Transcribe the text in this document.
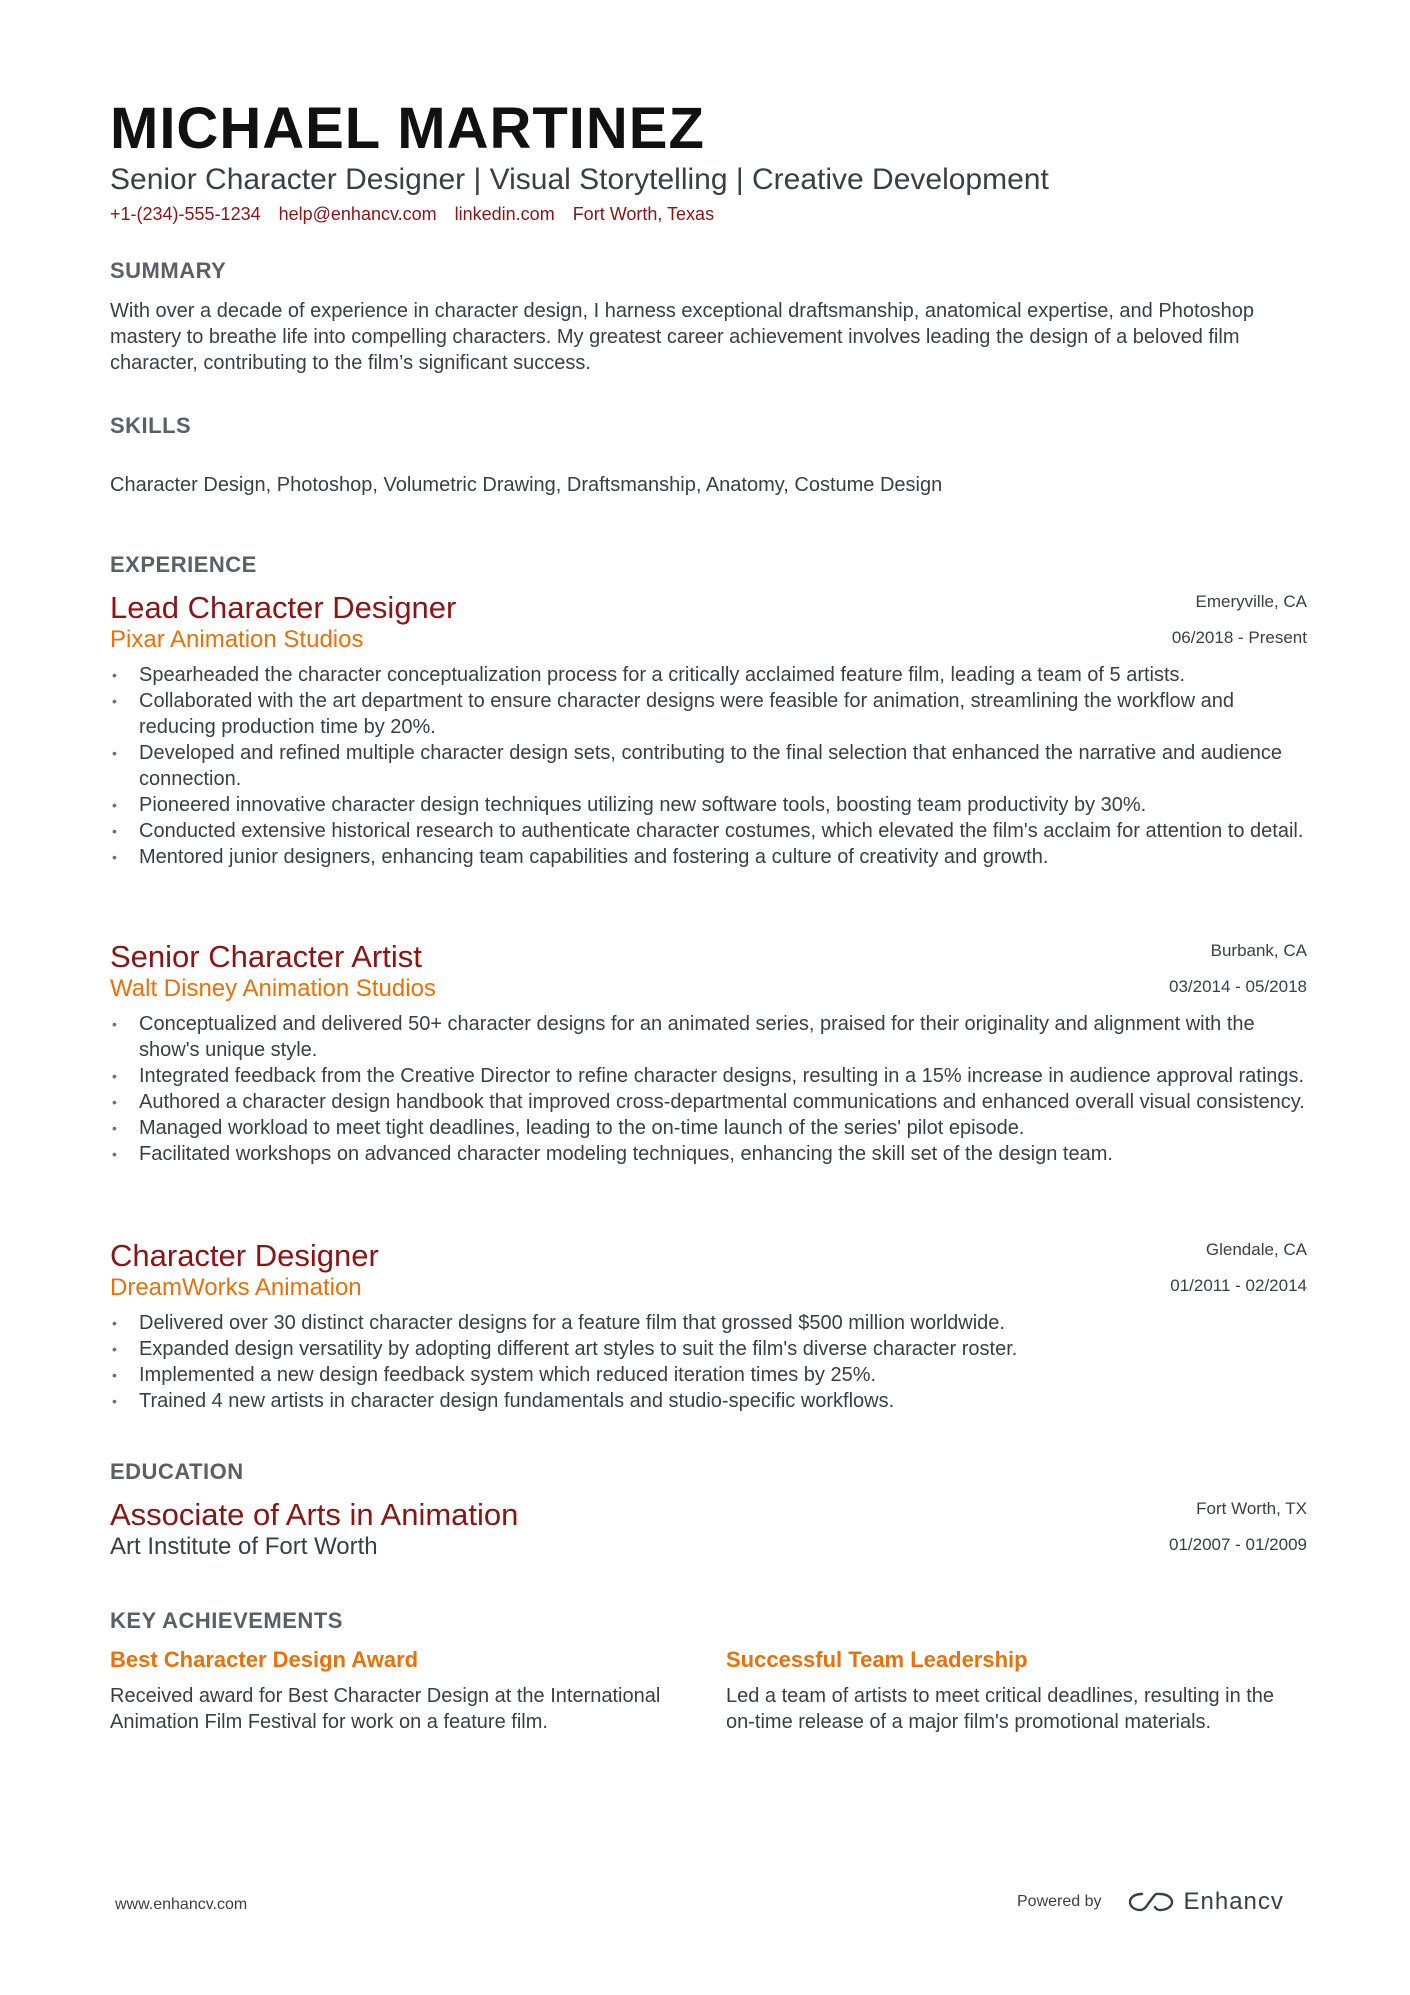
MICHAEL MARTINEZ
Senior Character Designer | Visual Storytelling | Creative Development
+1-(234)-555-1234 help@enhancv.com linkedin.com Fort Worth, Texas
SUMMARY
With over a decade of experience in character design, I harness exceptional draftsmanship, anatomical expertise, and Photoshop mastery to breathe life into compelling characters. My greatest career achievement involves leading the design of a beloved film character, contributing to the film’s significant success.
SKILLS
Character Design, Photoshop, Volumetric Drawing, Draftsmanship, Anatomy, Costume Design
EXPERIENCE
Lead Character Designer
Pixar Animation Studios
Emeryville, CA
06/2018 - Present
• Spearheaded the character conceptualization process for a critically acclaimed feature film, leading a team of 5 artists.
• Collaborated with the art department to ensure character designs were feasible for animation, streamlining the workflow and reducing production time by 20%.
• Developed and refined multiple character design sets, contributing to the final selection that enhanced the narrative and audience connection.
• Pioneered innovative character design techniques utilizing new software tools, boosting team productivity by 30%.
• Conducted extensive historical research to authenticate character costumes, which elevated the film's acclaim for attention to detail.
• Mentored junior designers, enhancing team capabilities and fostering a culture of creativity and growth.
Senior Character Artist
Walt Disney Animation Studios
Burbank, CA
03/2014 - 05/2018
• Conceptualized and delivered 50+ character designs for an animated series, praised for their originality and alignment with the show's unique style.
• Integrated feedback from the Creative Director to refine character designs, resulting in a 15% increase in audience approval ratings.
• Authored a character design handbook that improved cross-departmental communications and enhanced overall visual consistency.
• Managed workload to meet tight deadlines, leading to the on-time launch of the series' pilot episode.
• Facilitated workshops on advanced character modeling techniques, enhancing the skill set of the design team.
Character Designer
DreamWorks Animation
Glendale, CA
01/2011 - 02/2014
• Delivered over 30 distinct character designs for a feature film that grossed $500 million worldwide.
• Expanded design versatility by adopting different art styles to suit the film's diverse character roster.
• Implemented a new design feedback system which reduced iteration times by 25%.
• Trained 4 new artists in character design fundamentals and studio-specific workflows.
EDUCATION
Associate of Arts in Animation
Art Institute of Fort Worth
Fort Worth, TX
01/2007 - 01/2009
KEY ACHIEVEMENTS
Best Character Design Award
Received award for Best Character Design at the International Animation Film Festival for work on a feature film.
Successful Team Leadership
Led a team of artists to meet critical deadlines, resulting in the on-time release of a major film's promotional materials.
www.enhancv.com	Powered by	Enhancv
